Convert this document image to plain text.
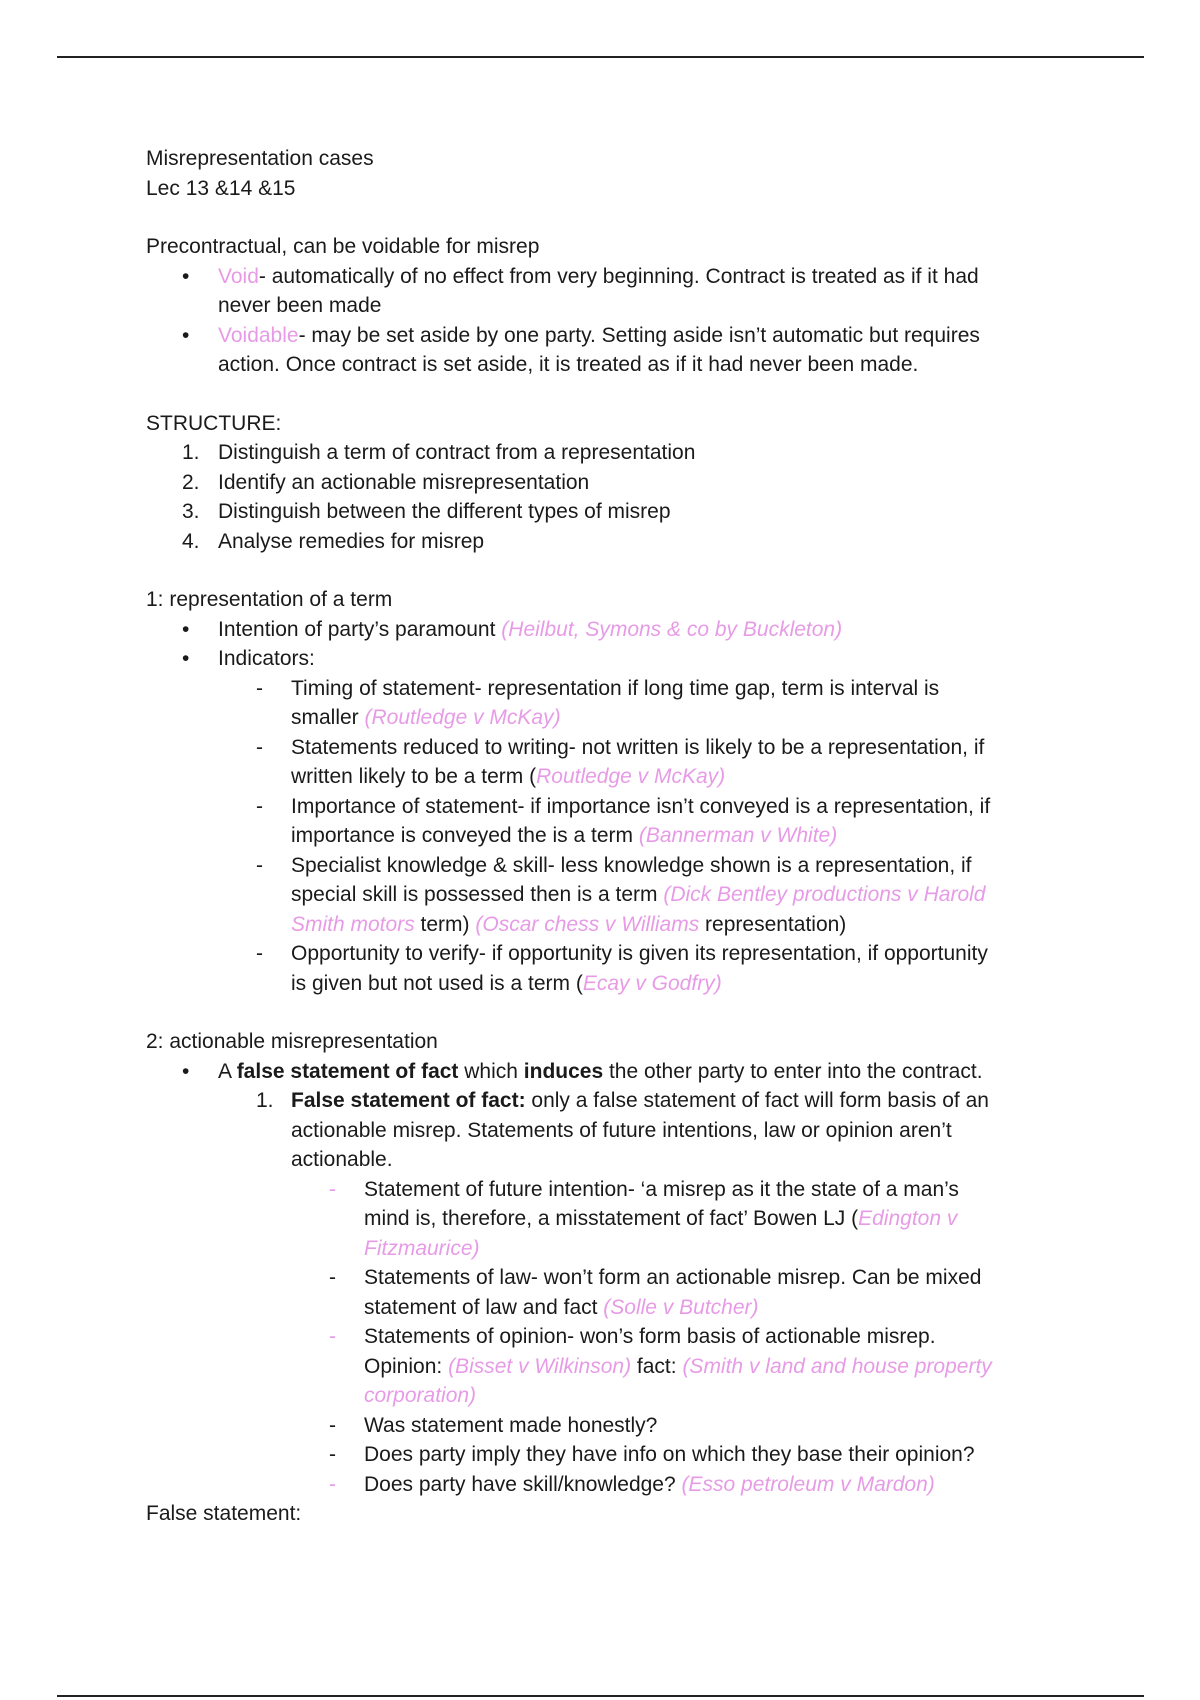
Misrepresentation cases
Lec 13 &14 &15
Precontractual, can be voidable for misrep
• Void- automatically of no effect from very beginning. Contract is treated as if it had
never been made
• Voidable- may be set aside by one party. Setting aside isn’t automatic but requires
action. Once contract is set aside, it is treated as if it had never been made.
STRUCTURE:
1. Distinguish a term of contract from a representation
2. Identify an actionable misrepresentation
3. Distinguish between the different types of misrep
4. Analyse remedies for misrep
1: representation of a term
• Intention of party’s paramount (Heilbut, Symons & co by Buckleton)
• Indicators:
- Timing of statement- representation if long time gap, term is interval is
smaller (Routledge v McKay)
- Statements reduced to writing- not written is likely to be a representation, if
written likely to be a term (Routledge v McKay)
- Importance of statement- if importance isn’t conveyed is a representation, if
importance is conveyed the is a term (Bannerman v White)
- Specialist knowledge & skill- less knowledge shown is a representation, if
special skill is possessed then is a term (Dick Bentley productions v Harold
Smith motors term) (Oscar chess v Williams representation)
- Opportunity to verify- if opportunity is given its representation, if opportunity
is given but not used is a term (Ecay v Godfry)
2: actionable misrepresentation
• A false statement of fact which induces the other party to enter into the contract.
1. False statement of fact: only a false statement of fact will form basis of an
actionable misrep. Statements of future intentions, law or opinion aren’t
actionable.
- Statement of future intention- ‘a misrep as it the state of a man’s
mind is, therefore, a misstatement of fact’ Bowen LJ (Edington v
Fitzmaurice)
- Statements of law- won’t form an actionable misrep. Can be mixed
statement of law and fact (Solle v Butcher)
- Statements of opinion- won’s form basis of actionable misrep.
Opinion: (Bisset v Wilkinson) fact: (Smith v land and house property
corporation)
- Was statement made honestly?
- Does party imply they have info on which they base their opinion?
- Does party have skill/knowledge? (Esso petroleum v Mardon)
False statement:
